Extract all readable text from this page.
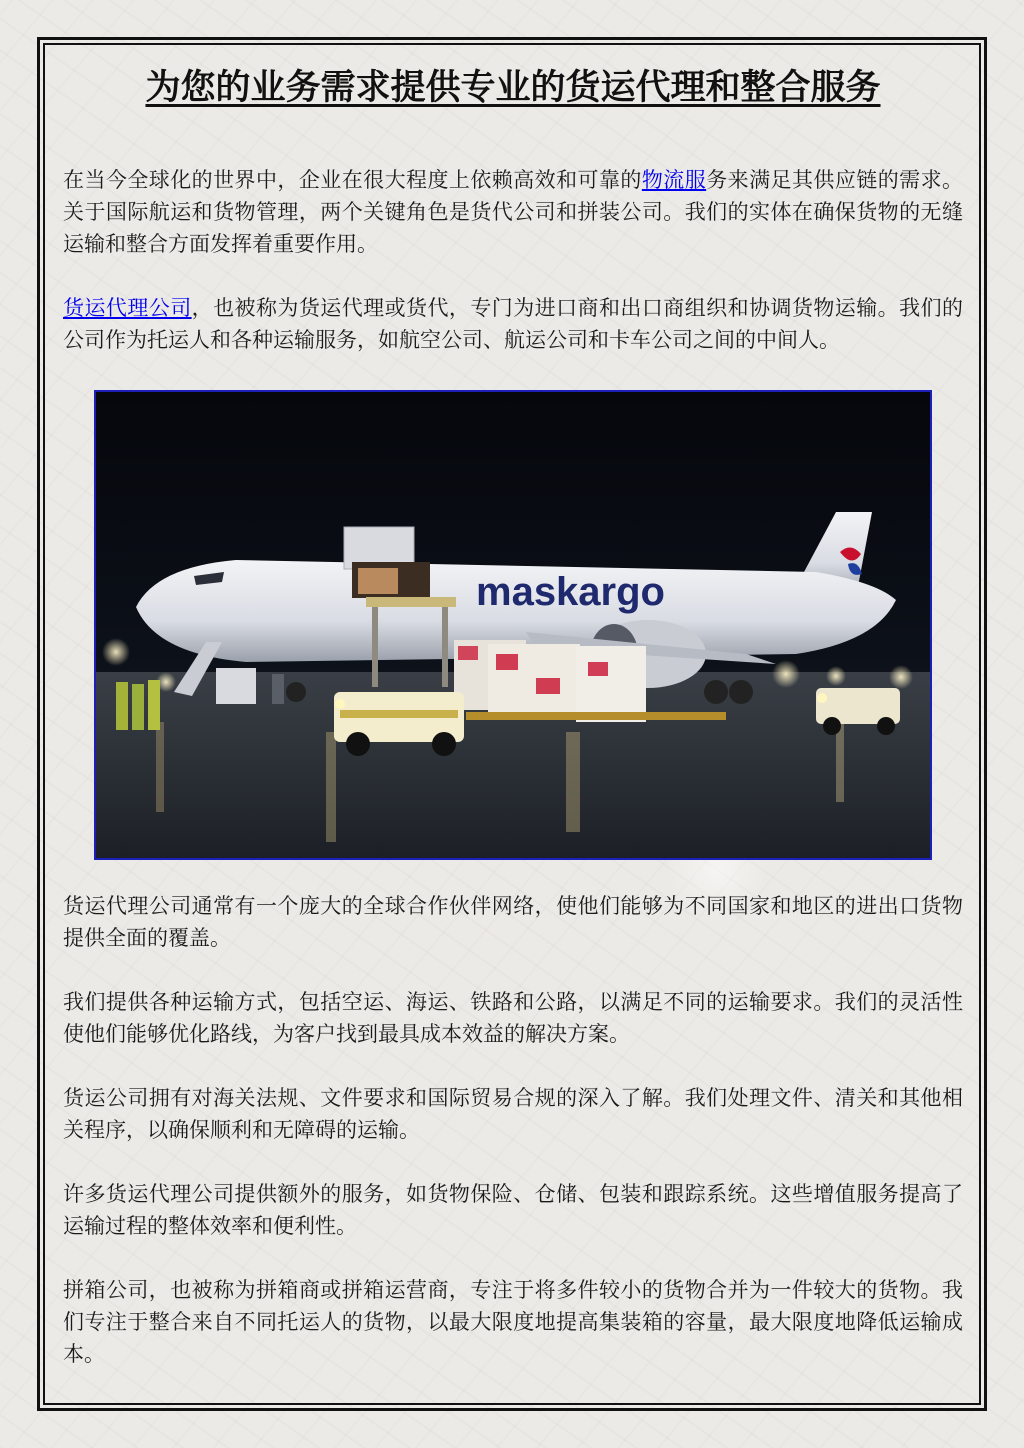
为您的业务需求提供专业的货运代理和整合服务

在当今全球化的世界中，企业在很大程度上依赖高效和可靠的物流服务来满足其供应链的需求。关于国际航运和货物管理，两个关键角色是货代公司和拼装公司。我们的实体在确保货物的无缝运输和整合方面发挥着重要作用。

货运代理公司，也被称为货运代理或货代，专门为进口商和出口商组织和协调货物运输。我们的公司作为托运人和各种运输服务，如航空公司、航运公司和卡车公司之间的中间人。

maskargo

货运代理公司通常有一个庞大的全球合作伙伴网络，使他们能够为不同国家和地区的进出口货物提供全面的覆盖。

我们提供各种运输方式，包括空运、海运、铁路和公路，以满足不同的运输要求。我们的灵活性使他们能够优化路线，为客户找到最具成本效益的解决方案。

货运公司拥有对海关法规、文件要求和国际贸易合规的深入了解。我们处理文件、清关和其他相关程序，以确保顺利和无障碍的运输。

许多货运代理公司提供额外的服务，如货物保险、仓储、包装和跟踪系统。这些增值服务提高了运输过程的整体效率和便利性。

拼箱公司，也被称为拼箱商或拼箱运营商，专注于将多件较小的货物合并为一件较大的货物。我们专注于整合来自不同托运人的货物，以最大限度地提高集装箱的容量，最大限度地降低运输成本。
